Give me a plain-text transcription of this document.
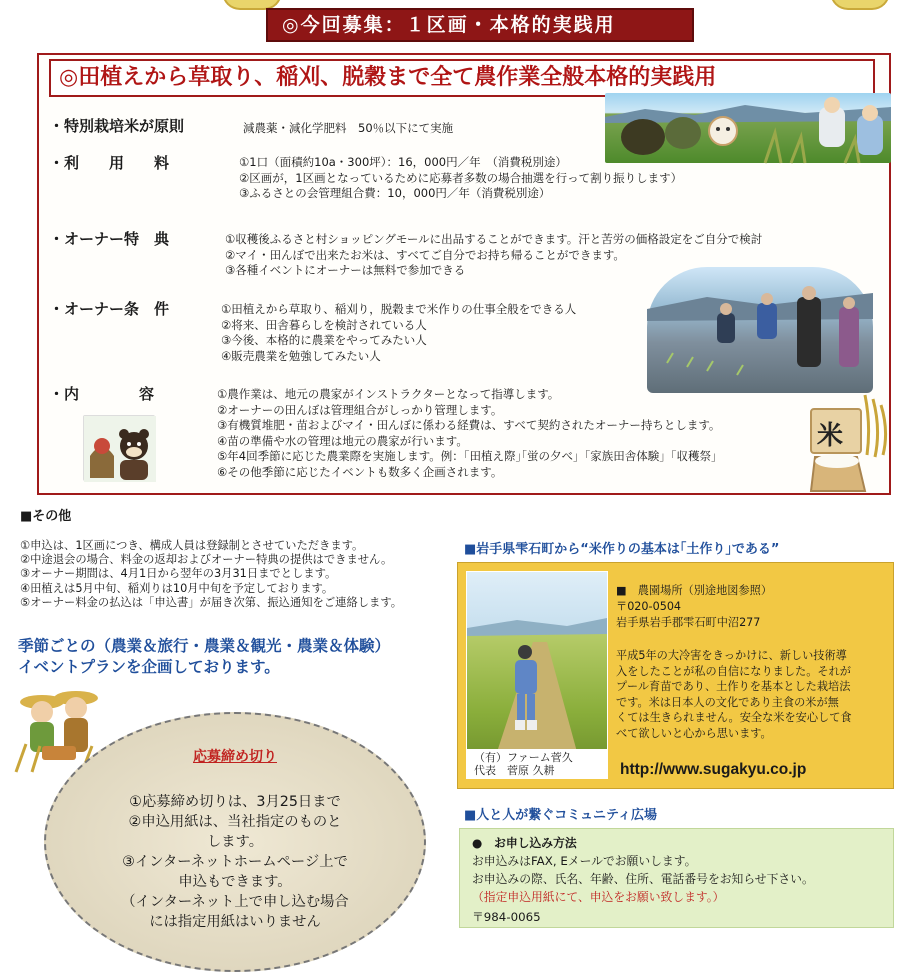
◎今回募集：１区画・本格的実践用
◎田植えから草取り、稲刈、脱穀まで全て農作業全般本格的実践用
・特別栽培米が原則	減農薬・減化学肥料　50％以下にて実施
・利　　用　　料	①1口（面積約10a・300坪）：16，000円／年　（消費税別途）
②区画が，1区画となっているために応募者多数の場合抽選を行って割り振りします）
③ふるさとの会管理組合費：10，000円／年（消費税別途）
・オーナー特　典	①収穫後ふるさと村ショッピングモールに出品することができます。汗と苦労の価格設定をご自分で検討
②マイ・田んぼで出来たお米は、すべてご自分でお持ち帰ることができます。
③各種イベントにオーナーは無料で参加できる
・オーナー条　件	①田植えから草取り、稲刈り，脱穀まで米作りの仕事全般をできる人
②将来、田舎暮らしを検討されている人
③今後、本格的に農業をやってみたい人
④販売農業を勉強してみたい人
・内　　　　容	①農作業は、地元の農家がインストラクターとなって指導します。
②オーナーの田んぼは管理組合がしっかり管理します。
③有機質堆肥・苗およびマイ・田んぼに係わる経費は、すべて契約されたオーナー持ちとします。
④苗の準備や水の管理は地元の農家が行います。
⑤年4回季節に応じた農業際を実施します。例：｢田植え際｣｢蛍の夕べ｣「家族田舎体験」｢収穫祭｣
⑥その他季節に応じたイベントも数多く企画されます。
米
■その他
①申込は、1区画につき、構成人員は登録制とさせていただきます。
②中途退会の場合、料金の返却およびオーナー特典の提供はできません。
③オーナー期間は、4月1日から翌年の3月31日までとします。
④田植えは5月中旬、稲刈りは10月中旬を予定しております。
⑤オーナー料金の払込は「申込書」が届き次第、振込通知をご連絡します。
季節ごとの（農業＆旅行・農業＆観光・農業＆体験）
イベントプランを企画しております。
応募締め切り
①応募締め切りは、3月25日まで
②申込用紙は、当社指定のものと
します。
③インターネットホームページ上で
申込もできます。
（インターネット上で申し込む場合
には指定用紙はいりません
■岩手県雫石町から“米作りの基本は｢土作り｣である”
（有）ファーム菅久
代表　菅原 久耕
■　農園場所（別途地図参照）
〒020-0504
岩手県岩手郡雫石町中沼277
平成5年の大冷害をきっかけに、新しい技術導
入をしたことが私の自信になりました。それが
プール育苗であり、土作りを基本とした栽培法
です。米は日本人の文化であり主食の米が無
くては生きられません。安全な米を安心して食
べて欲しいと心から思います。
http://www.sugakyu.co.jp
■人と人が繋ぐコミュニティ広場
●　お申し込み方法
お申込みはFAX, Eメールでお願いします。
お申込みの際、氏名、年齢、住所、電話番号をお知らせ下さい。
（指定申込用紙にて、申込をお願い致します。）
〒984-0065
